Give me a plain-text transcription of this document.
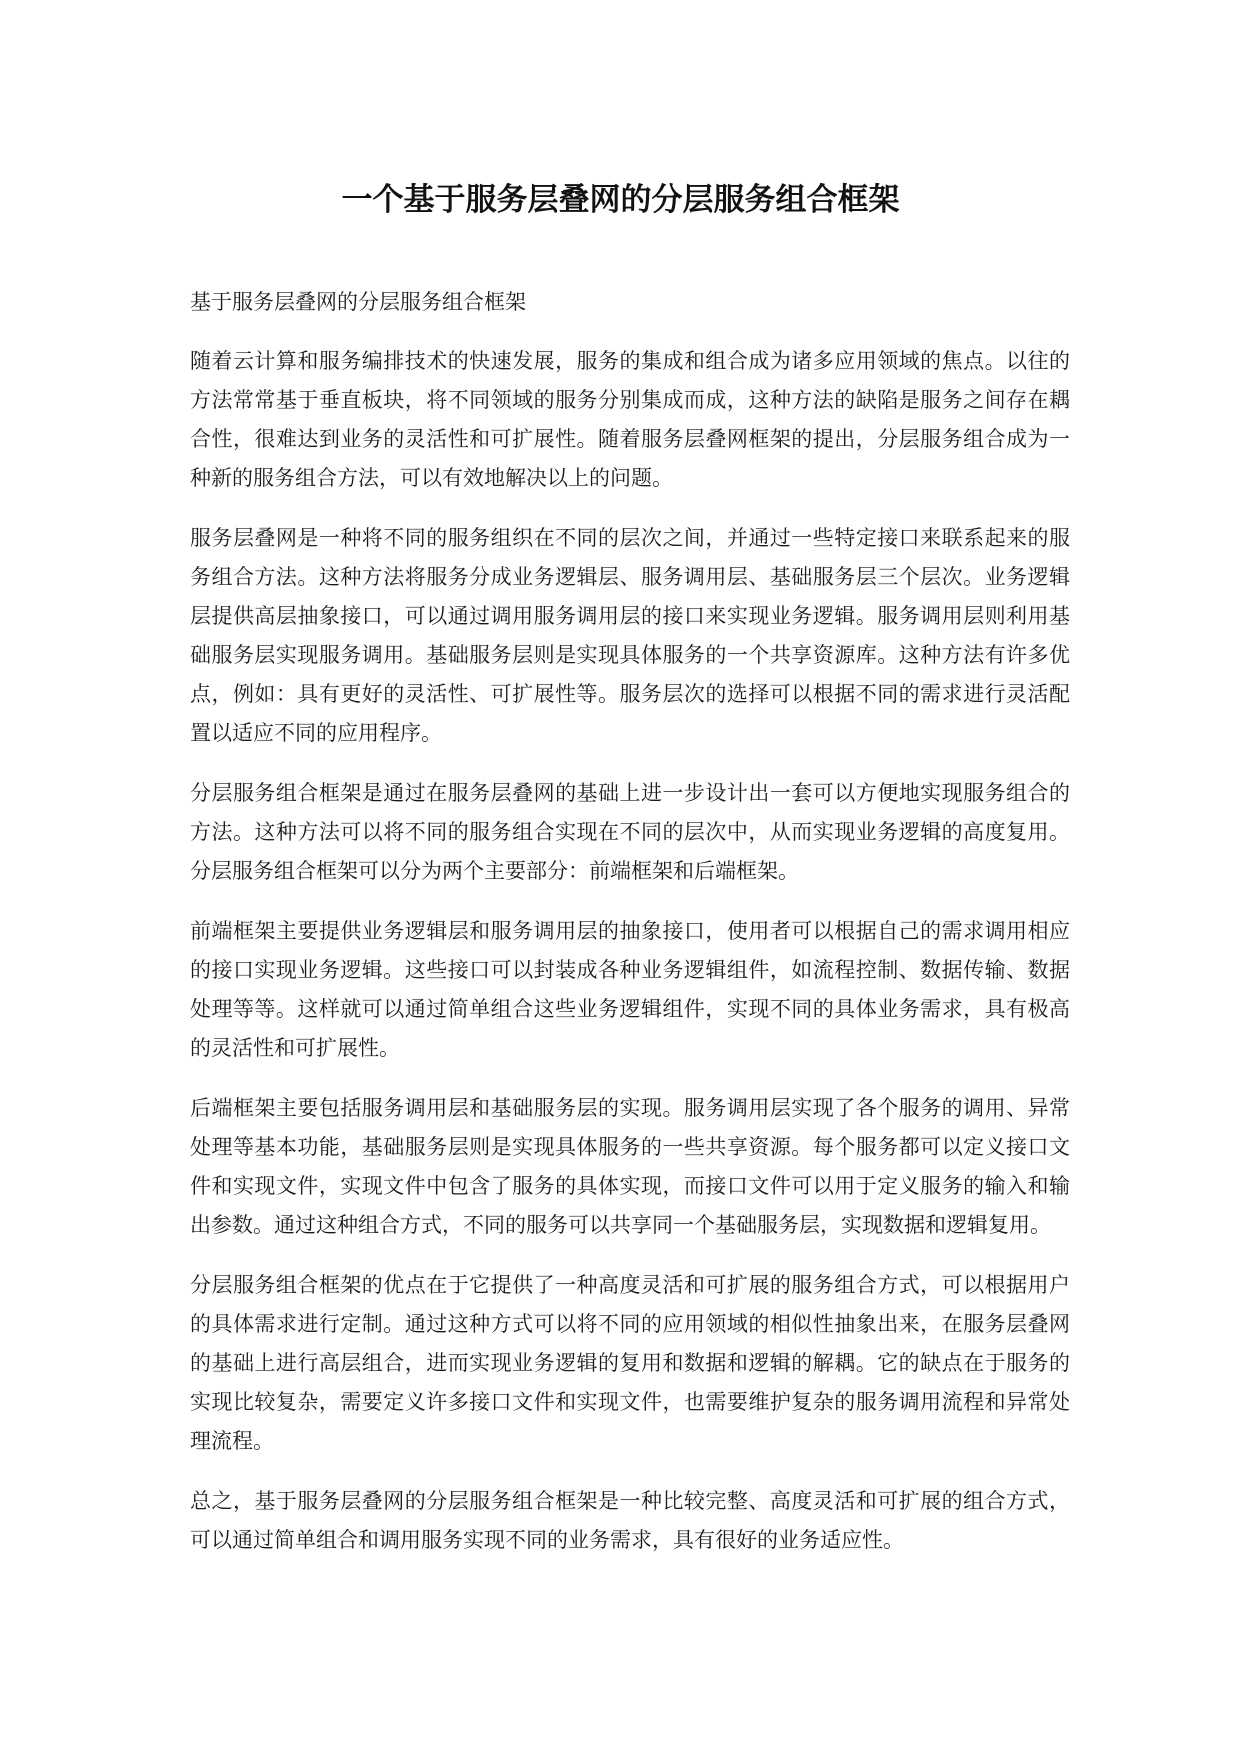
一个基于服务层叠网的分层服务组合框架

基于服务层叠网的分层服务组合框架

随着云计算和服务编排技术的快速发展，服务的集成和组合成为诸多应用领域的焦点。以往的方法常常基于垂直板块，将不同领域的服务分别集成而成，这种方法的缺陷是服务之间存在耦合性，很难达到业务的灵活性和可扩展性。随着服务层叠网框架的提出，分层服务组合成为一种新的服务组合方法，可以有效地解决以上的问题。

服务层叠网是一种将不同的服务组织在不同的层次之间，并通过一些特定接口来联系起来的服务组合方法。这种方法将服务分成业务逻辑层、服务调用层、基础服务层三个层次。业务逻辑层提供高层抽象接口，可以通过调用服务调用层的接口来实现业务逻辑。服务调用层则利用基础服务层实现服务调用。基础服务层则是实现具体服务的一个共享资源库。这种方法有许多优点，例如：具有更好的灵活性、可扩展性等。服务层次的选择可以根据不同的需求进行灵活配置以适应不同的应用程序。

分层服务组合框架是通过在服务层叠网的基础上进一步设计出一套可以方便地实现服务组合的方法。这种方法可以将不同的服务组合实现在不同的层次中，从而实现业务逻辑的高度复用。分层服务组合框架可以分为两个主要部分：前端框架和后端框架。

前端框架主要提供业务逻辑层和服务调用层的抽象接口，使用者可以根据自己的需求调用相应的接口实现业务逻辑。这些接口可以封装成各种业务逻辑组件，如流程控制、数据传输、数据处理等等。这样就可以通过简单组合这些业务逻辑组件，实现不同的具体业务需求，具有极高的灵活性和可扩展性。

后端框架主要包括服务调用层和基础服务层的实现。服务调用层实现了各个服务的调用、异常处理等基本功能，基础服务层则是实现具体服务的一些共享资源。每个服务都可以定义接口文件和实现文件，实现文件中包含了服务的具体实现，而接口文件可以用于定义服务的输入和输出参数。通过这种组合方式，不同的服务可以共享同一个基础服务层，实现数据和逻辑复用。

分层服务组合框架的优点在于它提供了一种高度灵活和可扩展的服务组合方式，可以根据用户的具体需求进行定制。通过这种方式可以将不同的应用领域的相似性抽象出来，在服务层叠网的基础上进行高层组合，进而实现业务逻辑的复用和数据和逻辑的解耦。它的缺点在于服务的实现比较复杂，需要定义许多接口文件和实现文件，也需要维护复杂的服务调用流程和异常处理流程。

总之，基于服务层叠网的分层服务组合框架是一种比较完整、高度灵活和可扩展的组合方式，可以通过简单组合和调用服务实现不同的业务需求，具有很好的业务适应性。
